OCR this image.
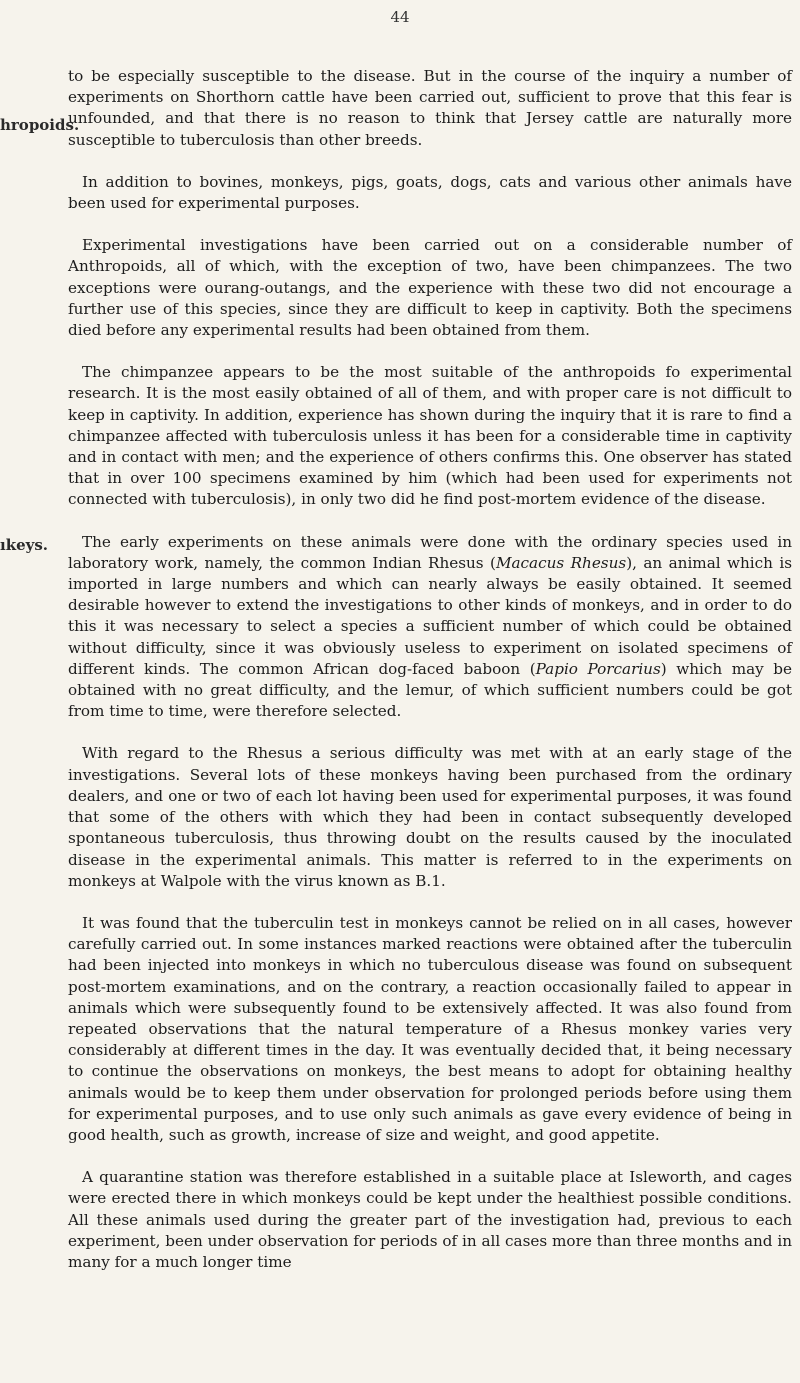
44
hropoids.
ıkeys.

to be especially susceptible to the disease. But in the course of the inquiry a number of experiments on Shorthorn cattle have been carried out, sufficient to prove that this fear is unfounded, and that there is no reason to think that Jersey cattle are naturally more susceptible to tuberculosis than other breeds.

In addition to bovines, monkeys, pigs, goats, dogs, cats and various other animals have been used for experimental purposes.

Experimental investigations have been carried out on a considerable number of Anthropoids, all of which, with the exception of two, have been chimpanzees. The two exceptions were ourang-outangs, and the experience with these two did not encourage a further use of this species, since they are difficult to keep in captivity. Both the specimens died before any experimental results had been obtained from them.

The chimpanzee appears to be the most suitable of the anthropoids fo experimental research. It is the most easily obtained of all of them, and with proper care is not difficult to keep in captivity. In addition, experience has shown during the inquiry that it is rare to find a chimpanzee affected with tuberculosis unless it has been for a considerable time in captivity and in contact with men; and the experience of others confirms this. One observer has stated that in over 100 specimens examined by him (which had been used for experiments not connected with tuberculosis), in only two did he find post-mortem evidence of the disease.

The early experiments on these animals were done with the ordinary species used in laboratory work, namely, the common Indian Rhesus (Macacus Rhesus), an animal which is imported in large numbers and which can nearly always be easily obtained. It seemed desirable however to extend the investigations to other kinds of monkeys, and in order to do this it was necessary to select a species a sufficient number of which could be obtained without difficulty, since it was obviously useless to experiment on isolated specimens of different kinds. The common African dog-faced baboon (Papio Porcarius) which may be obtained with no great difficulty, and the lemur, of which sufficient numbers could be got from time to time, were therefore selected.

With regard to the Rhesus a serious difficulty was met with at an early stage of the investigations. Several lots of these monkeys having been purchased from the ordinary dealers, and one or two of each lot having been used for experimental purposes, it was found that some of the others with which they had been in contact subsequently developed spontaneous tuberculosis, thus throwing doubt on the results caused by the inoculated disease in the experimental animals. This matter is referred to in the experiments on monkeys at Walpole with the virus known as B.1.

It was found that the tuberculin test in monkeys cannot be relied on in all cases, however carefully carried out. In some instances marked reactions were obtained after the tuberculin had been injected into monkeys in which no tuberculous disease was found on subsequent post-mortem examinations, and on the contrary, a reaction occasionally failed to appear in animals which were subsequently found to be extensively affected. It was also found from repeated observations that the natural temperature of a Rhesus monkey varies very considerably at different times in the day. It was eventually decided that, it being necessary to continue the observations on monkeys, the best means to adopt for obtaining healthy animals would be to keep them under observation for prolonged periods before using them for experimental purposes, and to use only such animals as gave every evidence of being in good health, such as growth, increase of size and weight, and good appetite.

A quarantine station was therefore established in a suitable place at Isleworth, and cages were erected there in which monkeys could be kept under the healthiest possible conditions. All these animals used during the greater part of the investigation had, previous to each experiment, been under observation for periods of in all cases more than three months and in many for a much longer time
